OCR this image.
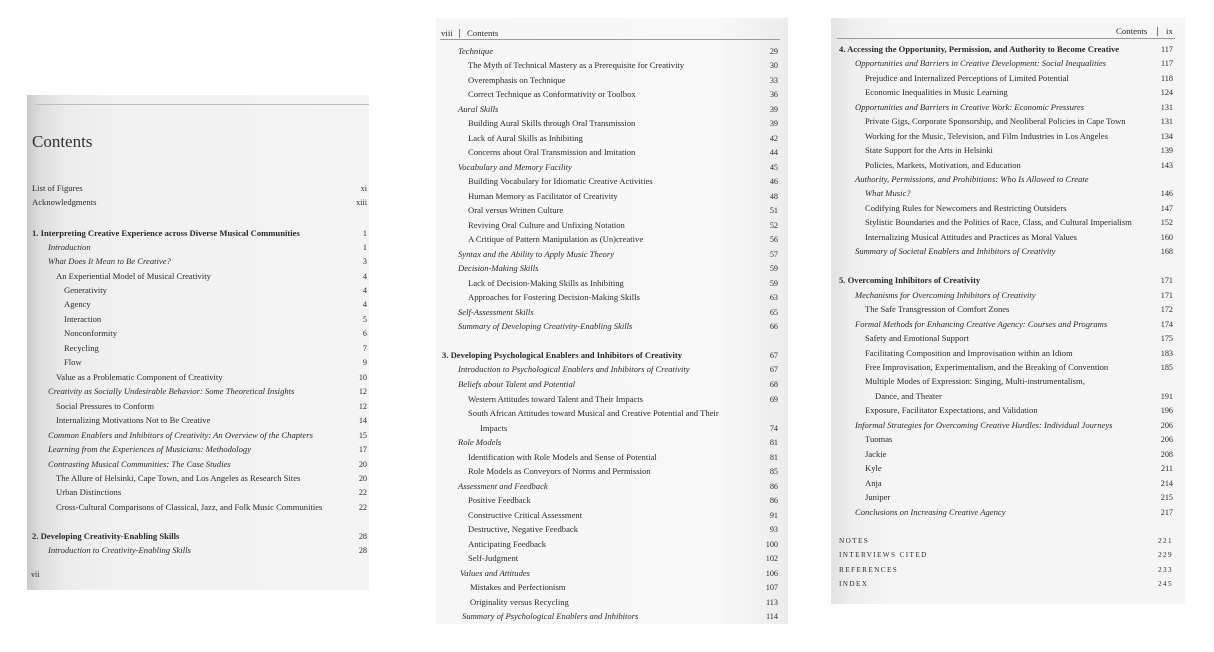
Contents
List of Figures	xi
Acknowledgments	xiii
1. Interpreting Creative Experience across Diverse Musical Communities	1
Introduction	1
What Does It Mean to Be Creative?	3
An Experiential Model of Musical Creativity	4
Generativity	4
Agency	4
Interaction	5
Nonconformity	6
Recycling	7
Flow	9
Value as a Problematic Component of Creativity	10
Creativity as Socially Undesirable Behavior: Some Theoretical Insights	12
Social Pressures to Conform	12
Internalizing Motivations Not to Be Creative	14
Common Enablers and Inhibitors of Creativity: An Overview of the Chapters	15
Learning from the Experiences of Musicians: Methodology	17
Contrasting Musical Communities: The Case Studies	20
The Allure of Helsinki, Cape Town, and Los Angeles as Research Sites	20
Urban Distinctions	22
Cross-Cultural Comparisons of Classical, Jazz, and Folk Music Communities	22
2. Developing Creativity-Enabling Skills	28
Introduction to Creativity-Enabling Skills	28
vii
viii Contents
Technique	29
The Myth of Technical Mastery as a Prerequisite for Creativity	30
Overemphasis on Technique	33
Correct Technique as Conformativity or Toolbox	36
Aural Skills	39
Building Aural Skills through Oral Transmission	39
Lack of Aural Skills as Inhibiting	42
Concerns about Oral Transmission and Imitation	44
Vocabulary and Memory Facility	45
Building Vocabulary for Idiomatic Creative Activities	46
Human Memory as Facilitator of Creativity	48
Oral versus Written Culture	51
Reviving Oral Culture and Unfixing Notation	52
A Critique of Pattern Manipulation as (Un)creative	56
Syntax and the Ability to Apply Music Theory	57
Decision-Making Skills	59
Lack of Decision-Making Skills as Inhibiting	59
Approaches for Fostering Decision-Making Skills	63
Self-Assessment Skills	65
Summary of Developing Creativity-Enabling Skills	66
3. Developing Psychological Enablers and Inhibitors of Creativity	67
Introduction to Psychological Enablers and Inhibitors of Creativity	67
Beliefs about Talent and Potential	68
Western Attitudes toward Talent and Their Impacts	69
South African Attitudes toward Musical and Creative Potential and Their
Impacts	74
Role Models	81
Identification with Role Models and Sense of Potential	81
Role Models as Conveyors of Norms and Permission	85
Assessment and Feedback	86
Positive Feedback	86
Constructive Critical Assessment	91
Destructive, Negative Feedback	93
Anticipating Feedback	100
Self-Judgment	102
Values and Attitudes	106
Mistakes and Perfectionism	107
Originality versus Recycling	113
Summary of Psychological Enablers and Inhibitors	114
Contents ix
4. Accessing the Opportunity, Permission, and Authority to Become Creative	117
Opportunities and Barriers in Creative Development: Social Inequalities	117
Prejudice and Internalized Perceptions of Limited Potential	118
Economic Inequalities in Music Learning	124
Opportunities and Barriers in Creative Work: Economic Pressures	131
Private Gigs, Corporate Sponsorship, and Neoliberal Policies in Cape Town	131
Working for the Music, Television, and Film Industries in Los Angeles	134
State Support for the Arts in Helsinki	139
Policies, Markets, Motivation, and Education	143
Authority, Permissions, and Prohibitions: Who Is Allowed to Create
What Music?	146
Codifying Rules for Newcomers and Restricting Outsiders	147
Stylistic Boundaries and the Politics of Race, Class, and Cultural Imperialism	152
Internalizing Musical Attitudes and Practices as Moral Values	160
Summary of Societal Enablers and Inhibitors of Creativity	168
5. Overcoming Inhibitors of Creativity	171
Mechanisms for Overcoming Inhibitors of Creativity	171
The Safe Transgression of Comfort Zones	172
Formal Methods for Enhancing Creative Agency: Courses and Programs	174
Safety and Emotional Support	175
Facilitating Composition and Improvisation within an Idiom	183
Free Improvisation, Experimentalism, and the Breaking of Convention	185
Multiple Modes of Expression: Singing, Multi-instrumentalism,
Dance, and Theater	191
Exposure, Facilitator Expectations, and Validation	196
Informal Strategies for Overcoming Creative Hurdles: Individual Journeys	206
Tuomas	206
Jackie	208
Kyle	211
Anja	214
Juniper	215
Conclusions on Increasing Creative Agency	217
NOTES	221
INTERVIEWS CITED	229
REFERENCES	233
INDEX	245
